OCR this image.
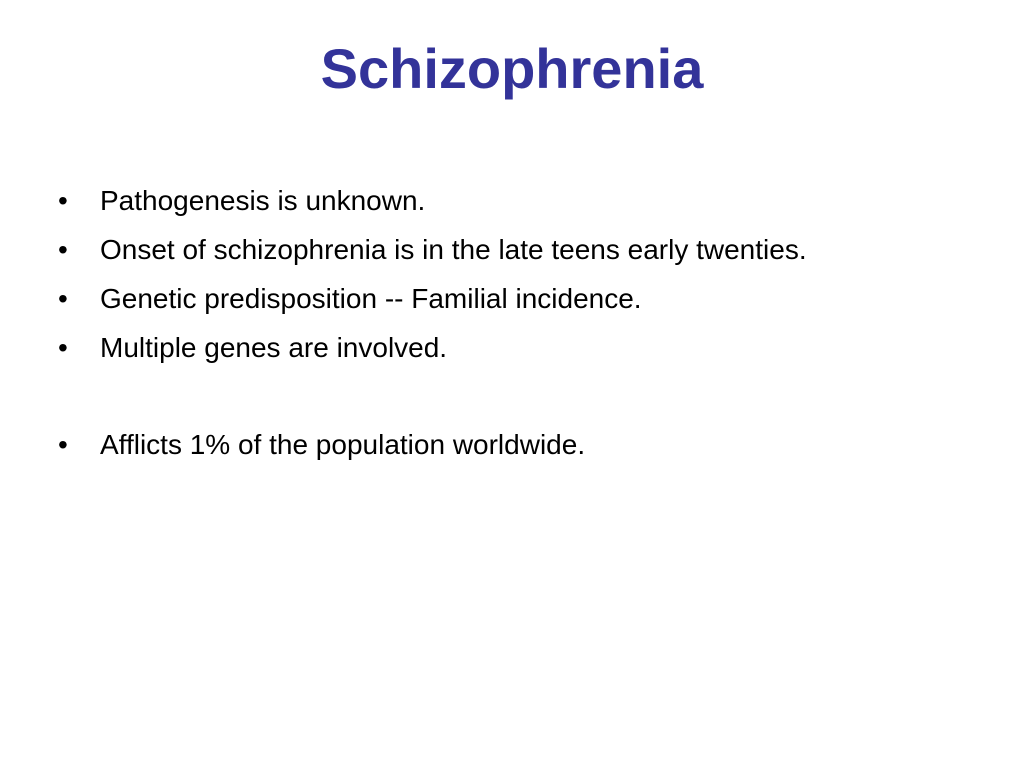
Schizophrenia
•	Pathogenesis is unknown.
•	Onset of schizophrenia is in the late teens early twenties.
•	Genetic predisposition -- Familial incidence.
•	Multiple genes are involved.
•	Afflicts 1% of the population worldwide.
